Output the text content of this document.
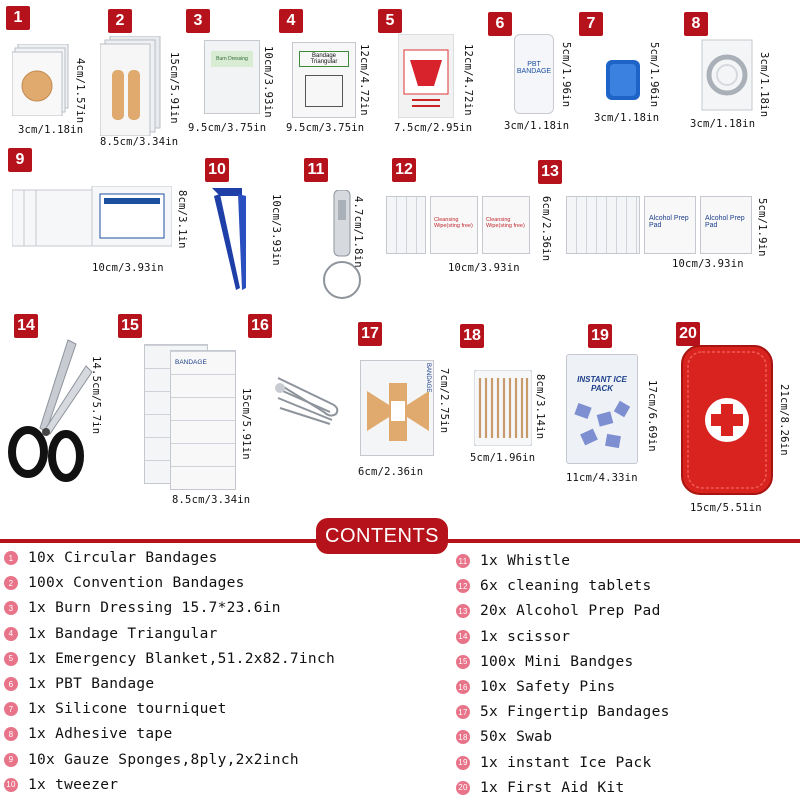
1
4cm/1.57in
3cm/1.18in
2
15cm/5.91in
8.5cm/3.34in
3
Burn Dressing	10cm/3.93in
9.5cm/3.75in
4
Bandage Triangular	12cm/4.72in
9.5cm/3.75in
5
12cm/4.72in
7.5cm/2.95in
6
PBT BANDAGE 5cm/1.96in
3cm/1.18in
7
5cm/1.96in
3cm/1.18in
8
3cm/1.18in
3cm/1.18in
9
8cm/3.1in
10cm/3.93in
10
10cm/3.93in
11
4.7cm/1.8in
12
Cleansing Wipe(sting free)
Cleansing Wipe(sting free)	6cm/2.36in
10cm/3.93in
13
Alcohol Prep Pad
Alcohol Prep Pad	5cm/1.9in
10cm/3.93in
14
14.5cm/5.7in
15
BANDAGE
15cm/5.91in
8.5cm/3.34in
16	17
BANDAGE 7cm/2.75in
6cm/2.36in
18
8cm/3.14in
5cm/1.96in
19
INSTANT ICE PACK	17cm/6.69in
11cm/4.33in
20
21cm/8.26in
15cm/5.51in
CONTENTS
1	10x Circular Bandages
2	100x Convention Bandages
3	1x Burn Dressing 15.7*23.6in
4	1x Bandage Triangular
5	1x Emergency Blanket,51.2x82.7inch
6	1x PBT Bandage
7	1x Silicone tourniquet
8	1x Adhesive tape
9	10x Gauze Sponges,8ply,2x2inch
10 1x tweezer
11 1x Whistle
12 6x cleaning tablets
13 20x Alcohol Prep Pad
14 1x scissor
15 100x Mini Bandges
16 10x Safety Pins
17 5x Fingertip Bandages
18 50x Swab
19 1x instant Ice Pack
20 1x First Aid Kit
